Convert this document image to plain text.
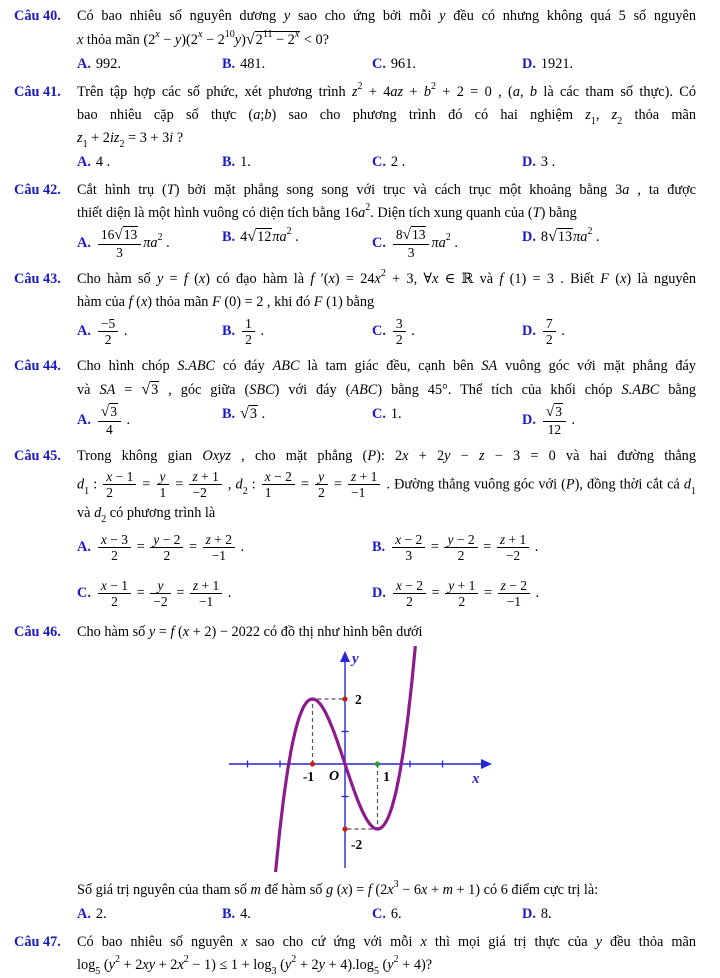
Câu 40.	Có bao nhiêu số nguyên dương y sao cho ứng bởi mỗi y đều có nhưng không quá 5 số nguyên
x thỏa mãn $(2^x - y)(2^x - 2^{10}y)√2^{11} - 2^x < 0$?
A. 992.	B. 481.	C. 961.	D. 1921.
Câu 41.	Trên tập hợp các số phức, xét phương trình $z^2 + 4az + b^2 + 2 = 0$ , (a, b là các tham số thực). Có
bao nhiêu cặp số thực (a;b) sao cho phương trình đó có hai nghiệm $z_1$, $z_2$ thỏa mãn
$z_1 + 2iz_2 = 3 + 3i$ ?
A. 4 .	B. 1.	C. 2 .	D. 3 .
Câu 42.	Cắt hình trụ (T) bởi mặt phẳng song song với trục và cách trục một khoảng bằng 3a , ta được
thiết diện là một hình vuông có diện tích bằng $16a^2$. Diện tích xung quanh của (T) bằng
A. $\frac{16√13}{3} \pi a^2$ .	B. $4√12\pi a^2$ .	C. $\frac{8√13}{3} \pi a^2$ .	D. $8√13\pi a^2$ .
Câu 43.	Cho hàm số y = f (x) có đạo hàm là f $'(x) = 24x^2 + 3$, ∀x ∈ ℝ và f (1) = 3 . Biết F (x) là nguyên
hàm của f (x) thỏa mãn F (0) = 2 , khi đó F (1) bằng
A. $\frac{-5}{2}$ .	B. $\frac{1}{2}$ .	C. $\frac{3}{2}$ .	D. $\frac{7}{2}$ .
Câu 44.	Cho hình chóp S.ABC có đáy ABC là tam giác đều, cạnh bên SA vuông góc với mặt phẳng đáy
và SA = √3 , góc giữa (SBC) với đáy (ABC) bằng 45°. Thể tích của khối chóp S.ABC bằng
A. $\frac{√3}{4}$ .	B. √3 .	C. 1.	D. $\frac{√3}{12}$ .
Câu 45.	Trong không gian Oxyz , cho mặt phẳng (P): 2x + 2y − z − 3 = 0 và hai đường thẳng
$d_1$ : $\frac{x - 1}{2} = \frac{y}{1} = \frac{z + 1}{-2}$ , $d_2$ : $\frac{x - 2}{1} = \frac{y}{2} = \frac{z + 1}{-1}$ . Đường thẳng vuông góc với (P), đồng thời cắt cả $d_1$
và $d_2$ có phương trình là
A. $\frac{x - 3}{2} = \frac{y - 2}{2} = \frac{z + 2}{-1}$ .	B. $\frac{x - 2}{3} = \frac{y - 2}{2} = \frac{z + 1}{-2}$ .
C. $\frac{x - 1}{2} = \frac{y}{-2} = \frac{z + 1}{-1}$ .	D. $\frac{x - 2}{2} = \frac{y + 1}{2} = \frac{z - 2}{-1}$ .
Câu 46.	Cho hàm số y = f (x + 2) − 2022 có đồ thị như hình bên dưới
-1 O	1
2
-2
x
y
Số giá trị nguyên của tham số m để hàm số g (x) = f $(2x^3 - 6x + m + 1)$ có 6 điểm cực trị là:
A. 2.	B. 4.	C. 6.	D. 8.
Câu 47.	Có bao nhiêu số nguyên x sao cho cứ ứng với mỗi x thì mọi giá trị thực của y đều thỏa mãn
$\log_5 (y^2 + 2xy + 2x^2 - 1) \le 1 + \log_3 (y^2 + 2y + 4).\log_5$ $(y^2 + 4)$?
